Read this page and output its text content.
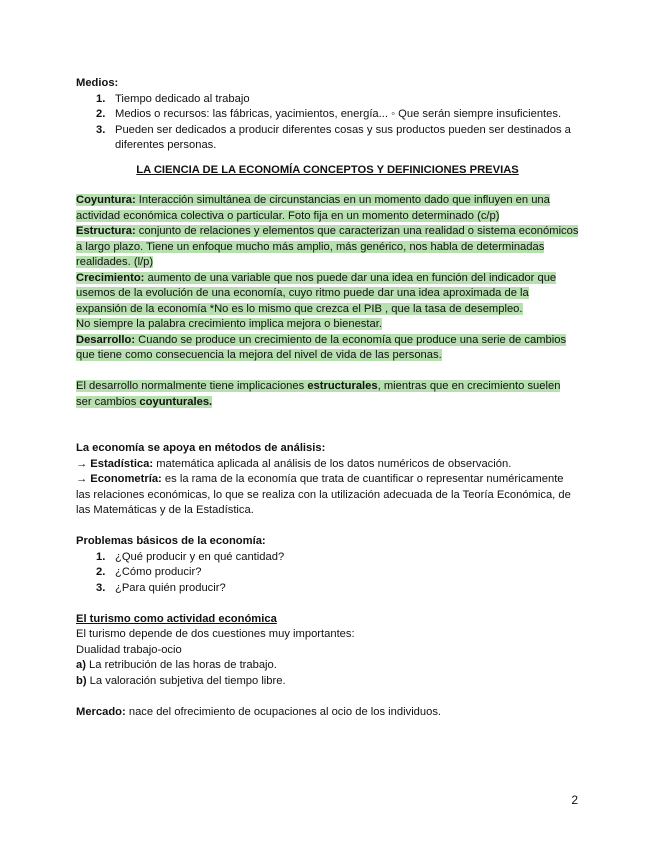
Medios:

1. Tiempo dedicado al trabajo
2. Medios o recursos: las fábricas, yacimientos, energía... ◦ Que serán siempre insuficientes.
3. Pueden ser dedicados a producir diferentes cosas y sus productos pueden ser destinados a diferentes personas.

LA CIENCIA DE LA ECONOMÍA CONCEPTOS Y DEFINICIONES PREVIAS

Coyuntura: Interacción simultánea de circunstancias en un momento dado que influyen en una actividad económica colectiva o particular. Foto fija en un momento determinado (c/p)

Estructura: conjunto de relaciones y elementos que caracterizan una realidad o sistema económicos a largo plazo. Tiene un enfoque mucho más amplio, más genérico, nos habla de determinadas realidades. (l/p)

Crecimiento: aumento de una variable que nos puede dar una idea en función del indicador que usemos de la evolución de una economía, cuyo ritmo puede dar una idea aproximada de la expansión de la economía *No es lo mismo que crezca el PIB , que la tasa de desempleo.

No siempre la palabra crecimiento implica mejora o bienestar.

Desarrollo: Cuando se produce un crecimiento de la economía que produce una serie de cambios que tiene como consecuencia la mejora del nivel de vida de las personas.

El desarrollo normalmente tiene implicaciones estructurales, mientras que en crecimiento suelen ser cambios coyunturales.

La economía se apoya en métodos de análisis:

→ Estadística: matemática aplicada al análisis de los datos numéricos de observación.

→ Econometría: es la rama de la economía que trata de cuantificar o representar numéricamente las relaciones económicas, lo que se realiza con la utilización adecuada de la Teoría Económica, de las Matemáticas y de la Estadística.

Problemas básicos de la economía:

1. ¿Qué producir y en qué cantidad?
2. ¿Cómo producir?
3. ¿Para quién producir?

El turismo como actividad económica

El turismo depende de dos cuestiones muy importantes:

Dualidad trabajo-ocio

a) La retribución de las horas de trabajo.

b) La valoración subjetiva del tiempo libre.

Mercado: nace del ofrecimiento de ocupaciones al ocio de los individuos.

2
